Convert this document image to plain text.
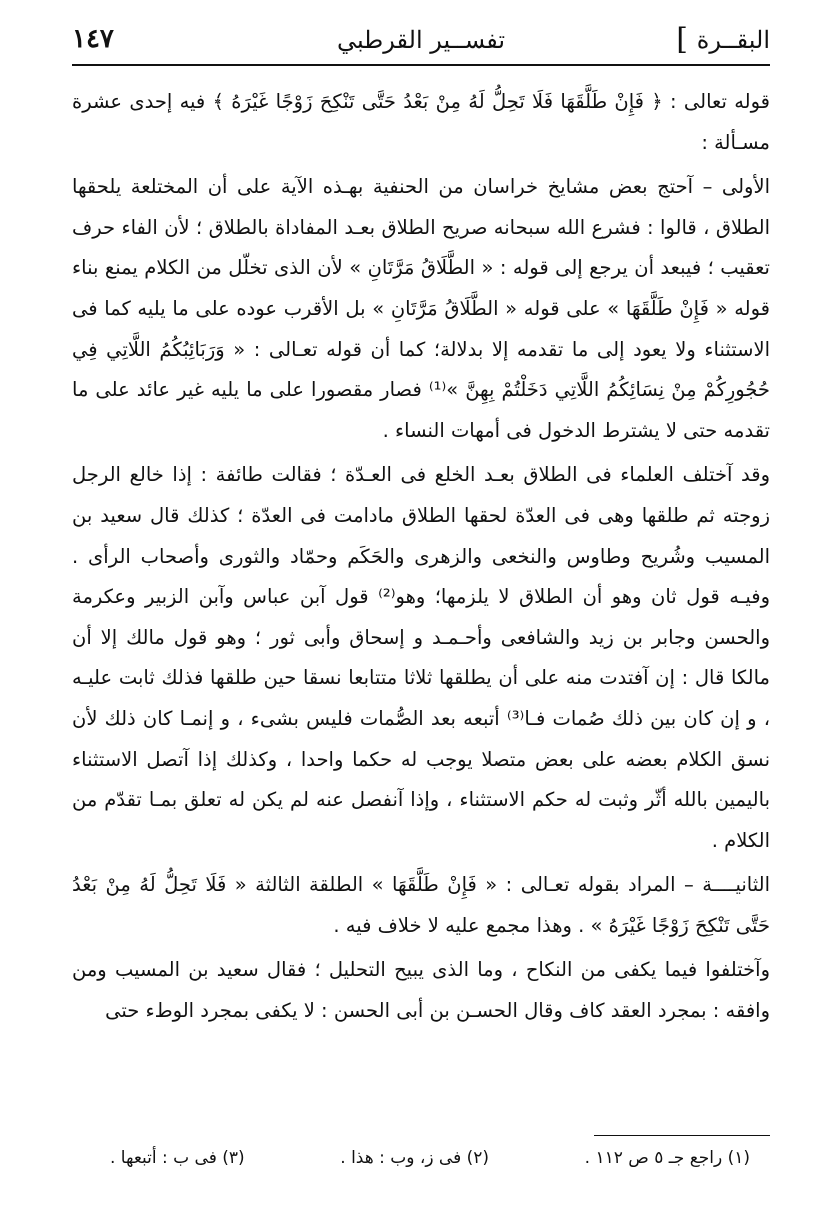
البقــرة
]
تفســير القرطبي
١٤٧

قوله تعالى : ﴿ فَإِنْ طَلَّقَهَا فَلَا تَحِلُّ لَهُ مِنْ بَعْدُ حَتَّى تَنْكِحَ زَوْجًا غَيْرَهُ ﴾ فيه إحدى عشرة مسـألة :

الأولى – آحتج بعض مشايخ خراسان من الحنفية بهـذه الآية على أن المختلعة يلحقها الطلاق ، قالوا : فشرع الله سبحانه صريح الطلاق بعـد المفاداة بالطلاق ؛ لأن الفاء حرف تعقيب ؛ فيبعد أن يرجع إلى قوله : « الطَّلَاقُ مَرَّتَانِ » لأن الذى تخلّل من الكلام يمنع بناء قوله « فَإِنْ طَلَّقَهَا » على قوله « الطَّلَاقُ مَرَّتَانِ » بل الأقرب عوده على ما يليه كما فى الاستثناء ولا يعود إلى ما تقدمه إلا بدلالة؛ كما أن قوله تعـالى : « وَرَبَائِبُكُمُ اللَّاتِي فِي حُجُورِكُمْ مِنْ نِسَائِكُمُ اللَّاتِي دَخَلْتُمْ بِهِنَّ »⁽¹⁾ فصار مقصورا على ما يليه غير عائد على ما تقدمه حتى لا يشترط الدخول فى أمهات النساء .

وقد آختلف العلماء فى الطلاق بعـد الخلع فى العـدّة ؛ فقالت طائفة : إذا خالع الرجل زوجته ثم طلقها وهى فى العدّة لحقها الطلاق مادامت فى العدّة ؛ كذلك قال سعيد بن المسيب وشُريح وطاوس والنخعى والزهرى والحَكَم وحمّاد والثورى وأصحاب الرأى . وفيـه قول ثان وهو أن الطلاق لا يلزمها؛ وهو⁽²⁾ قول آبن عباس وآبن الزبير وعكرمة والحسن وجابر بن زيد والشافعى وأحـمـد و إسحاق وأبى ثور ؛ وهو قول مالك إلا أن مالكا قال : إن آفتدت منه على أن يطلقها ثلاثا متتابعا نسقا حين طلقها فذلك ثابت عليـه ، و إن كان بين ذلك صُمات فـا⁽³⁾ أتبعه بعد الصُّمات فليس بشىء ، و إنمـا كان ذلك لأن نسق الكلام بعضه على بعض متصلا يوجب له حكما واحدا ، وكذلك إذا آتصل الاستثناء باليمين بالله أثّر وثبت له حكم الاستثناء ، وإذا آنفصل عنه لم يكن له تعلق بمـا تقدّم من الكلام .

الثانيــــة – المراد بقوله تعـالى : « فَإِنْ طَلَّقَهَا » الطلقة الثالثة « فَلَا تَحِلُّ لَهُ مِنْ بَعْدُ حَتَّى تَنْكِحَ زَوْجًا غَيْرَهُ » . وهذا مجمع عليه لا خلاف فيه .

وآختلفوا فيما يكفى من النكاح ، وما الذى يبيح التحليل ؛ فقال سعيد بن المسيب ومن وافقه : بمجرد العقد كاف وقال الحسـن بن أبى الحسن : لا يكفى بمجرد الوطء حتى

(١) راجع جـ ٥ ص ١١٢ .
(٢) فى ز، وب : هذا .
(٣) فى ب : أتبعها .
